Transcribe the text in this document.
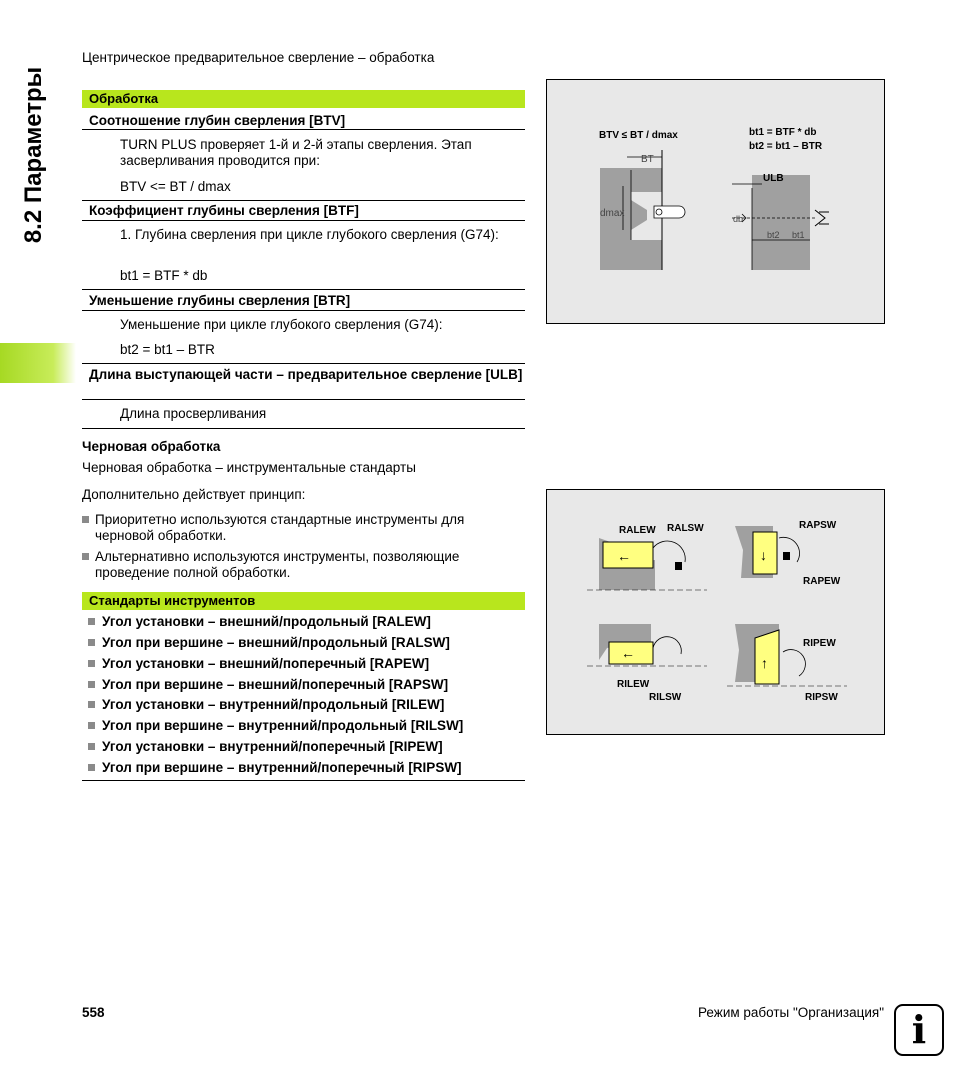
8.2 Параметры
Центрическое предварительное сверление – обработка
Обработка
Соотношение глубин сверления [BTV]
TURN PLUS проверяет 1-й и 2-й этапы сверления. Этап засверливания проводится при:
BTV <= BT / dmax
Коэффициент глубины сверления [BTF]
1. Глубина сверления при цикле глубокого сверления (G74):
bt1 = BTF * db
Уменьшение глубины сверления [BTR]
Уменьшение при цикле глубокого сверления (G74):
bt2 = bt1 – BTR
Длина выступающей части – предварительное сверление [ULB]
Длина просверливания
Черновая обработка
Черновая обработка – инструментальные стандарты
Дополнительно действует принцип:
Приоритетно используются стандартные инструменты для черновой обработки.
Альтернативно используются инструменты, позволяющие проведение полной обработки.
Стандарты инструментов
Угол установки – внешний/продольный [RALEW]
Угол при вершине – внешний/продольный [RALSW]
Угол установки – внешний/поперечный [RAPEW]
Угол при вершине – внешний/поперечный [RAPSW]
Угол установки – внутренний/продольный [RILEW]
Угол при вершине – внутренний/продольный [RILSW]
Угол установки – внутренний/поперечный [RIPEW]
Угол при вершине – внутренний/поперечный [RIPSW]
BTV ≤ BT / dmax	bt1 = BTF * db
bt2 = bt1 – BTR
BT
dmax
ULB
db
bt2 bt1
RALEW RALSW
←
RAPSW
RAPEW
↓
RILEW
RILSW
←
RIPEW
RIPSW
↑
558	Режим работы "Организация" i
